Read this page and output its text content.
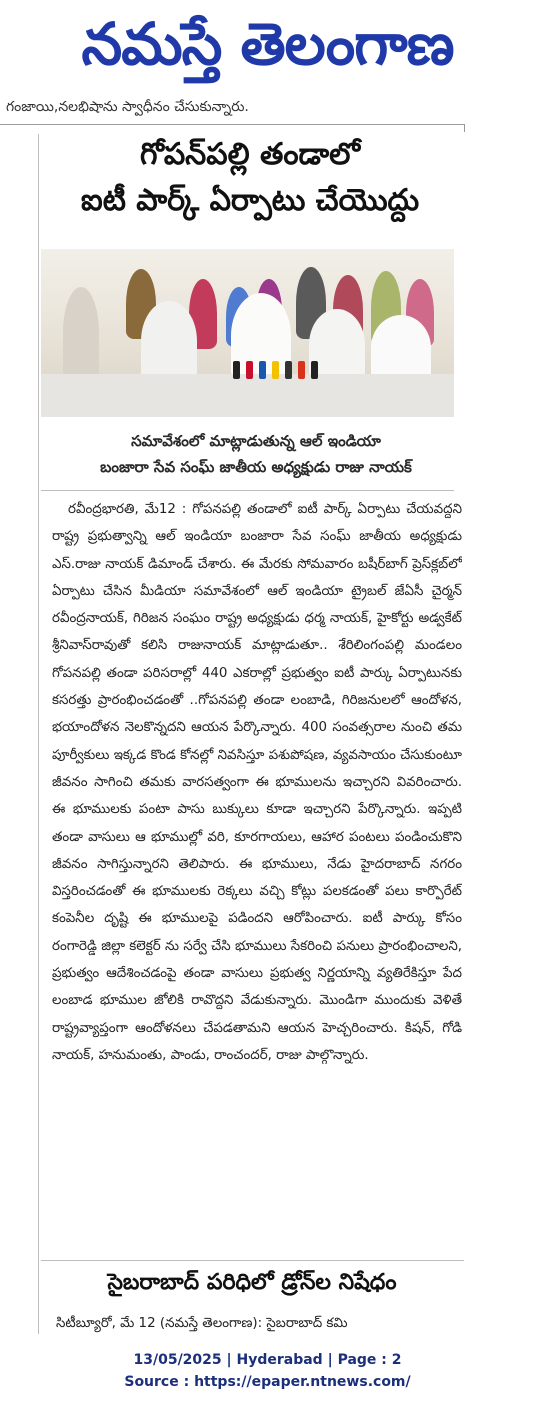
నమస్తే తెలంగాణ
గంజాయి,నలభిషాను స్వాధీనం చేసుకున్నారు.
గోపన్‌పల్లి తండాలో
ఐటీ పార్క్ ఏర్పాటు చేయొద్దు
సమావేశంలో మాట్లాడుతున్న ఆల్ ఇండియా
బంజారా సేవ సంఘ్ జాతీయ అధ్యక్షుడు రాజు నాయక్

రవీంద్రభారతి, మే12 : గోపనపల్లి తండాలో ఐటీ పార్క్ ఏర్పాటు చేయవద్దని రాష్ట్ర ప్రభుత్వాన్ని ఆల్ ఇండియా బంజారా సేవ సంఘ్ జాతీయ అధ్యక్షుడు ఎస్.రాజు నాయక్ డిమాండ్ చేశారు. ఈ మేరకు సోమవారం బషీర్‌బాగ్ ప్రెస్‌క్లబ్‌లో ఏర్పాటు చేసిన మీడియా సమావేశంలో ఆల్ ఇండియా ట్రైబల్ జేఏసీ చైర్మన్ రవీంద్రనాయక్, గిరిజన సంఘం రాష్ట్ర అధ్యక్షుడు ధర్మ నాయక్, హైకోర్టు అడ్వకేట్ శ్రీనివాస్‌రావుతో కలిసి రాజునాయక్ మాట్లాడుతూ.. శేరిలింగంపల్లి మండలం గోపనపల్లి తండా పరిసరాల్లో 440 ఎకరాల్లో ప్రభుత్వం ఐటీ పార్కు ఏర్పాటునకు కసరత్తు ప్రారంభించడంతో ..గోపనపల్లి తండా లంబాడి, గిరిజనులలో ఆందోళన, భయాందోళన నెలకొన్నదని ఆయన పేర్కొన్నారు. 400 సంవత్సరాల నుంచి తమ పూర్వీకులు ఇక్కడ కొండ కోనల్లో నివసిస్తూ పశుపోషణ, వ్యవసాయం చేసుకుంటూ జీవనం సాగించి తమకు వారసత్వంగా ఈ భూములను ఇచ్చారని వివరించారు. ఈ భూములకు పంటా పాసు బుక్కులు కూడా ఇచ్చారని పేర్కొన్నారు. ఇప్పటి తండా వాసులు ఆ భూముల్లో వరి, కూరగాయలు, ఆహార పంటలు పండించుకొని జీవనం సాగిస్తున్నారని తెలిపారు. ఈ భూములు, నేడు హైదరాబాద్ నగరం విస్తరించడంతో ఈ భూములకు రెక్కలు వచ్చి కోట్లు పలకడంతో పలు కార్పొరేట్ కంపెనీల దృష్టి ఈ భూములపై పడిందని ఆరోపించారు. ఐటీ పార్కు కోసం రంగారెడ్డి జిల్లా కలెక్టర్ ను సర్వే చేసి భూములు సేకరించి పనులు ప్రారంభించాలని, ప్రభుత్వం ఆదేశించడంపై తండా వాసులు ప్రభుత్వ నిర్ణయాన్ని వ్యతిరేకిస్తూ పేద లంబాడ భూముల జోలికి రావొద్దని వేడుకున్నారు. మొండిగా ముందుకు వెళితే రాష్ట్రవ్యాప్తంగా ఆందోళనలు చేపడతామని ఆయన హెచ్చరించారు. కిషన్, గోడి నాయక్, హనుమంతు, పాండు, రాంచందర్, రాజు పాల్గొన్నారు.

సైబరాబాద్ పరిధిలో డ్రోన్‌ల నిషేధం
సిటీబ్యూరో, మే 12 (నమస్తే తెలంగాణ): సైబరాబాద్ కమి
13/05/2025 | Hyderabad | Page : 2
Source : https://epaper.ntnews.com/
